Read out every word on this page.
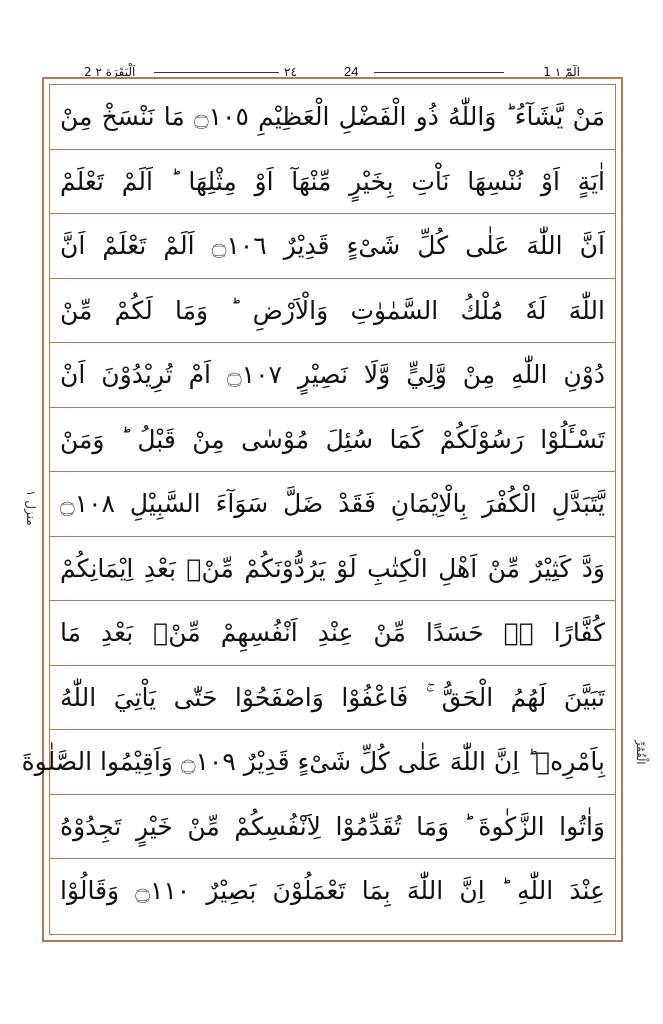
2 اَلْبَقَرَة ٢	٢٤	24	1 الٓمّٓ ١
مَنْ يَّشَآءُ ؕ وَاللّٰهُ ذُو الْفَضْلِ الْعَظِيْمِ ۝١٠٥ مَا نَنْسَخْ مِنْ
اٰيَةٍ اَوْ نُنْسِهَا نَاْتِ بِخَيْرٍ مِّنْهَآ اَوْ مِثْلِهَا ؕ اَلَمْ تَعْلَمْ
اَنَّ اللّٰهَ عَلٰى كُلِّ شَىْءٍ قَدِيْرٌ ۝١٠٦ اَلَمْ تَعْلَمْ اَنَّ
اللّٰهَ لَهٗ مُلْكُ السَّمٰوٰتِ وَالْاَرْضِ ؕ وَمَا لَكُمْ مِّنْ
دُوْنِ اللّٰهِ مِنْ وَّلِيٍّ وَّلَا نَصِيْرٍ ۝١٠٧ اَمْ تُرِيْدُوْنَ اَنْ
تَسْـَٔلُوْا رَسُوْلَكُمْ كَمَا سُئِلَ مُوْسٰى مِنْ قَبْلُ ؕ وَمَنْ
يَّتَبَدَّلِ الْكُفْرَ بِالْاِيْمَانِ فَقَدْ ضَلَّ سَوَآءَ السَّبِيْلِ ۝١٠٨
وَدَّ كَثِيْرٌ مِّنْ اَهْلِ الْكِتٰبِ لَوْ يَرُدُّوْنَكُمْ مِّنْۢ بَعْدِ اِيْمَانِكُمْ
كُفَّارًا ۚۖ حَسَدًا مِّنْ عِنْدِ اَنْفُسِهِمْ مِّنْۢ بَعْدِ مَا
تَبَيَّنَ لَهُمُ الْحَقُّ ۚ فَاعْفُوْا وَاصْفَحُوْا حَتّٰى يَاْتِيَ اللّٰهُ
بِاَمْرِهٖ ؕ اِنَّ اللّٰهَ عَلٰى كُلِّ شَىْءٍ قَدِيْرٌ ۝١٠٩ وَاَقِيْمُوا الصَّلٰوةَ
وَاٰتُوا الزَّكٰوةَ ؕ وَمَا تُقَدِّمُوْا لِاَنْفُسِكُمْ مِّنْ خَيْرٍ تَجِدُوْهُ
عِنْدَ اللّٰهِ ؕ اِنَّ اللّٰهَ بِمَا تَعْمَلُوْنَ بَصِيْرٌ ۝١١٠ وَقَالُوْا
منزل ١
الْقُمُرِّ
